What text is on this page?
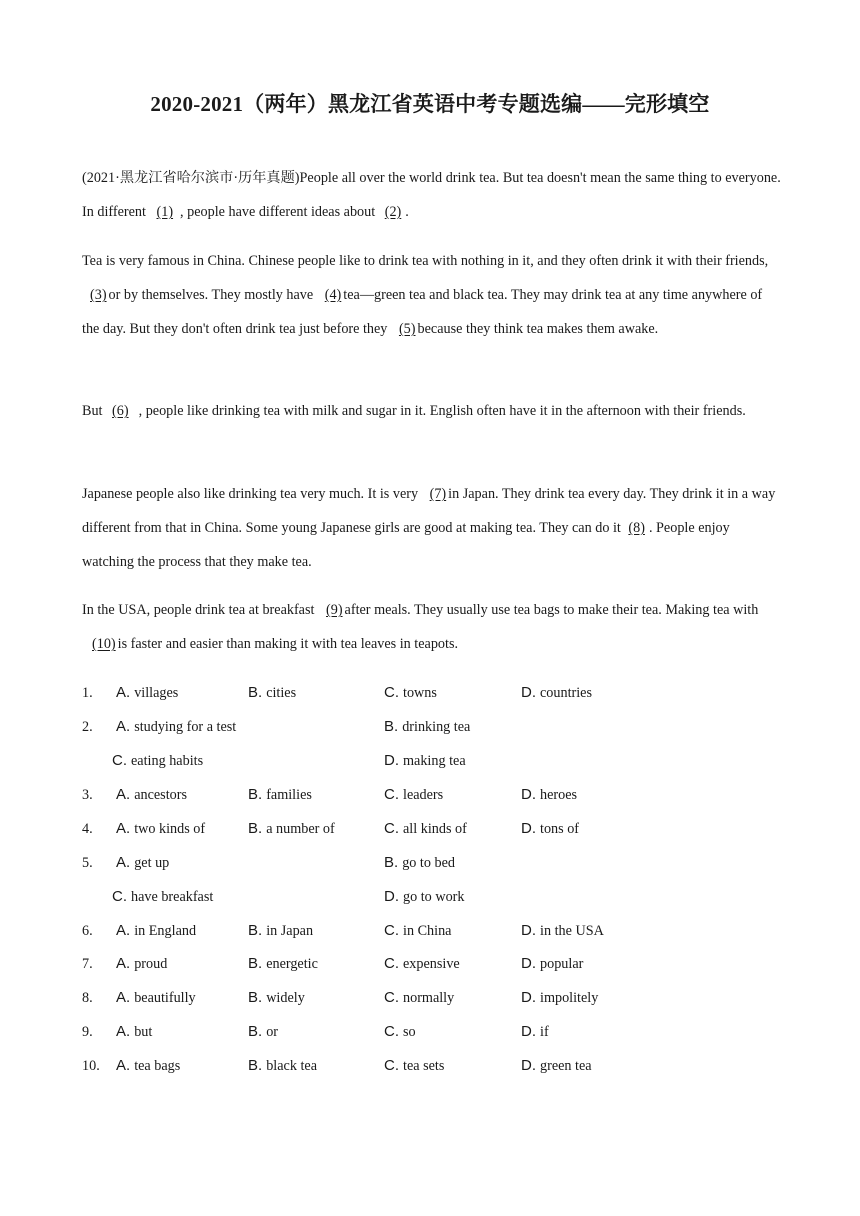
2020-2021（两年）黑龙江省英语中考专题选编——完形填空
(2021·黑龙江省哈尔滨市·历年真题)People all over the world drink tea. But tea doesn't mean the same thing to everyone. In different (1) , people have different ideas about (2) .
Tea is very famous in China. Chinese people like to drink tea with nothing in it, and they often drink it with their friends, (3) or by themselves. They mostly have (4) tea—green tea and black tea. They may drink tea at any time anywhere of the day. But they don't often drink tea just before they (5) because they think tea makes them awake.
But (6) , people like drinking tea with milk and sugar in it. English often have it in the afternoon with their friends.
Japanese people also like drinking tea very much. It is very (7) in Japan. They drink tea every day. They drink it in a way different from that in China. Some young Japanese girls are good at making tea. They can do it (8) . People enjoy watching the process that they make tea.
In the USA, people drink tea at breakfast (9) after meals. They usually use tea bags to make their tea. Making tea with (10) is faster and easier than making it with tea leaves in teapots.
1. A. villages	B. cities	C. towns	D. countries
2. A. studying for a test	B. drinking tea
C. eating habits	D. making tea
3. A. ancestors	B. families	C. leaders	D. heroes
4. A. two kinds of	B. a number of	C. all kinds of	D. tons of
5. A. get up	B. go to bed
C. have breakfast	D. go to work
6. A. in England	B. in Japan	C. in China	D. in the USA
7. A. proud	B. energetic	C. expensive	D. popular
8. A. beautifully	B. widely	C. normally	D. impolitely
9. A. but	B. or	C. so	D. if
10. A. tea bags	B. black tea	C. tea sets	D. green tea
